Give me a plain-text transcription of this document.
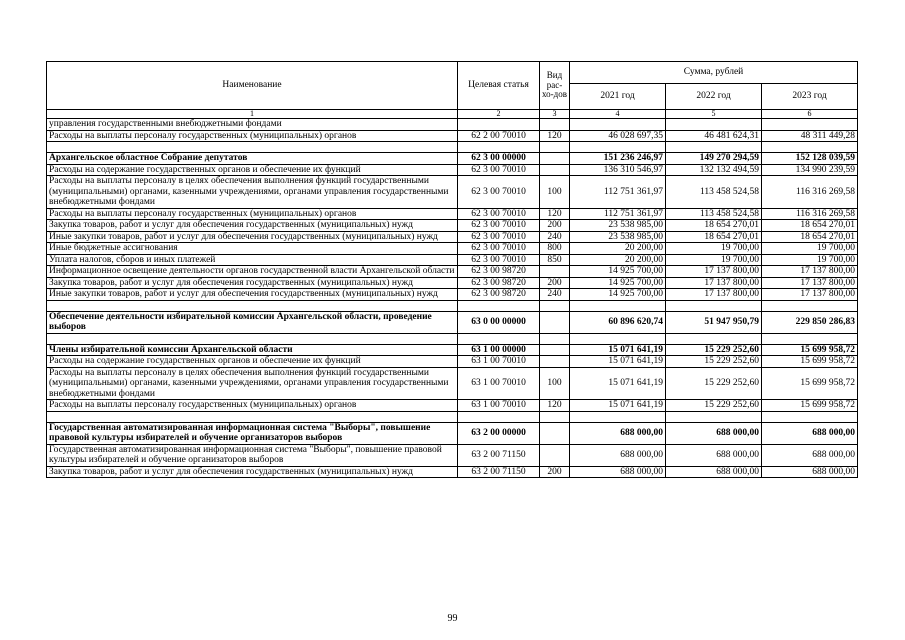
Наименование	Целевая статья	Вид рас-хо-дов	Сумма, рублей		
			2021 год	2022 год	2023 год
1	2	3	4	5	6
управления государственными внебюджетными фондами					
Расходы на выплаты персоналу государственных (муниципальных) органов	62 2 00 70010	120	46 028 697,35	46 481 624,31	48 311 449,28

Архангельское областное Собрание депутатов	62 3 00 00000		151 236 246,97	149 270 294,59	152 128 039,59
Расходы на содержание государственных органов и обеспечение их функций	62 3 00 70010		136 310 546,97	132 132 494,59	134 990 239,59
Расходы на выплаты персоналу в целях обеспечения выполнения функций государственными (муниципальными) органами, казенными учреждениями, органами управления государственными внебюджетными фондами	62 3 00 70010	100	112 751 361,97	113 458 524,58	116 316 269,58
Расходы на выплаты персоналу государственных (муниципальных) органов	62 3 00 70010	120	112 751 361,97	113 458 524,58	116 316 269,58
Закупка товаров, работ и услуг для обеспечения государственных (муниципальных) нужд	62 3 00 70010	200	23 538 985,00	18 654 270,01	18 654 270,01
Иные закупки товаров, работ и услуг для обеспечения государственных (муниципальных) нужд	62 3 00 70010	240	23 538 985,00	18 654 270,01	18 654 270,01
Иные бюджетные ассигнования	62 3 00 70010	800	20 200,00	19 700,00	19 700,00
Уплата налогов, сборов и иных платежей	62 3 00 70010	850	20 200,00	19 700,00	19 700,00
Информационное освещение деятельности органов государственной власти Архангельской области	62 3 00 98720		14 925 700,00	17 137 800,00	17 137 800,00
Закупка товаров, работ и услуг для обеспечения государственных (муниципальных) нужд	62 3 00 98720	200	14 925 700,00	17 137 800,00	17 137 800,00
Иные закупки товаров, работ и услуг для обеспечения государственных (муниципальных) нужд	62 3 00 98720	240	14 925 700,00	17 137 800,00	17 137 800,00

Обеспечение деятельности избирательной комиссии Архангельской области, проведение выборов	63 0 00 00000		60 896 620,74	51 947 950,79	229 850 286,83

Члены избирательной комиссии Архангельской области	63 1 00 00000		15 071 641,19	15 229 252,60	15 699 958,72
Расходы на содержание государственных органов и обеспечение их функций	63 1 00 70010		15 071 641,19	15 229 252,60	15 699 958,72
Расходы на выплаты персоналу в целях обеспечения выполнения функций государственными (муниципальными) органами, казенными учреждениями, органами управления государственными внебюджетными фондами	63 1 00 70010	100	15 071 641,19	15 229 252,60	15 699 958,72
Расходы на выплаты персоналу государственных (муниципальных) органов	63 1 00 70010	120	15 071 641,19	15 229 252,60	15 699 958,72

Государственная автоматизированная информационная система "Выборы", повышение правовой культуры избирателей и обучение организаторов выборов	63 2 00 00000		688 000,00	688 000,00	688 000,00
Государственная автоматизированная информационная система "Выборы", повышение правовой культуры избирателей и обучение организаторов выборов	63 2 00 71150		688 000,00	688 000,00	688 000,00
Закупка товаров, работ и услуг для обеспечения государственных (муниципальных) нужд	63 2 00 71150	200	688 000,00	688 000,00	688 000,00
99
